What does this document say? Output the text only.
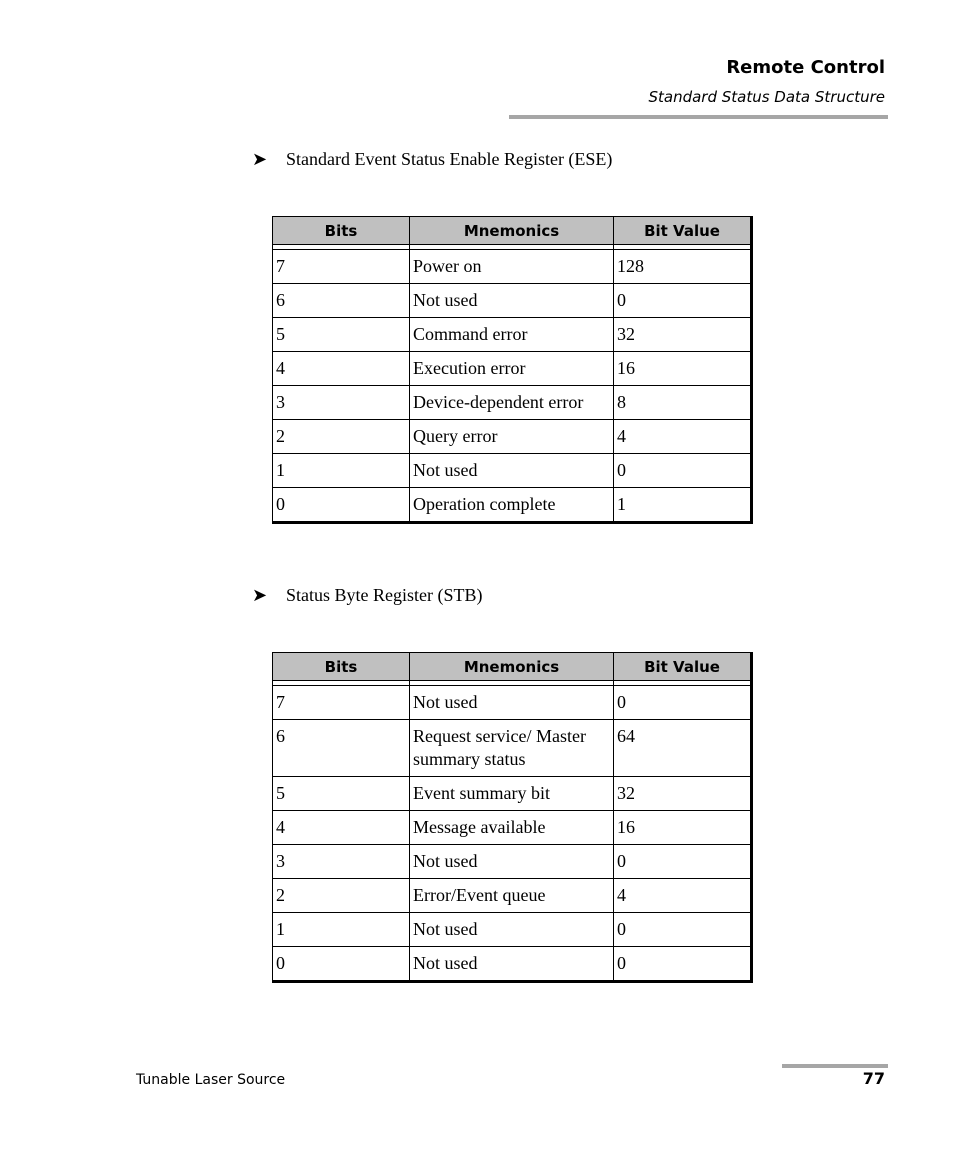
Remote Control
Standard Status Data Structure
➤ Standard Event Status Enable Register (ESE)
Bits	Mnemonics	Bit Value

7	Power on	128
6	Not used	0
5	Command error	32
4	Execution error	16
3	Device-dependent error	8
2	Query error	4
1	Not used	0
0	Operation complete	1
➤ Status Byte Register (STB)
Bits	Mnemonics	Bit Value

7	Not used	0
6	Request service/ Master summary status	64
5	Event summary bit	32
4	Message available	16
3	Not used	0
2	Error/Event queue	4
1	Not used	0
0	Not used	0
Tunable Laser Source	77
